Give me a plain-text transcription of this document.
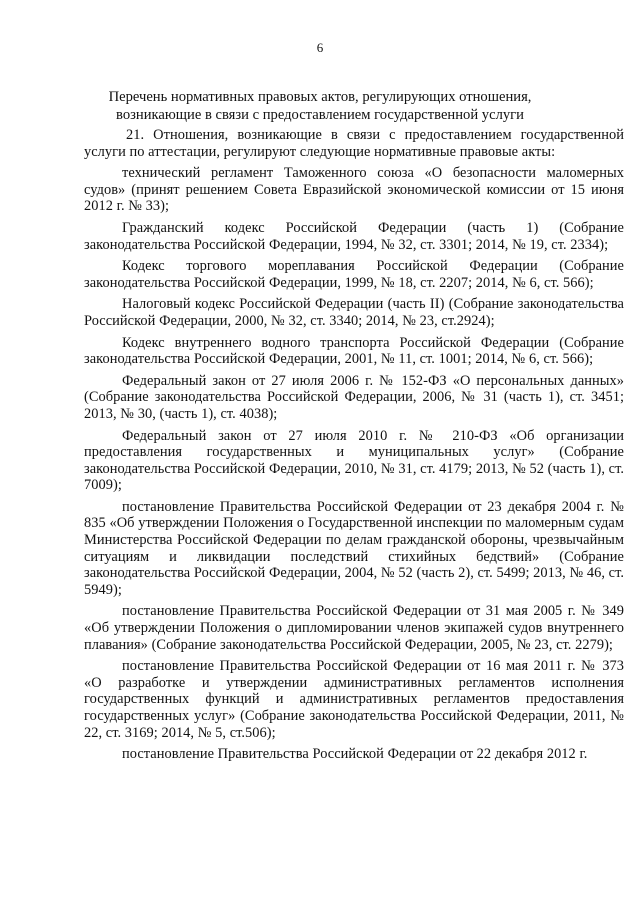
6
Перечень нормативных правовых актов, регулирующих отношения, возникающие в связи с предоставлением государственной услуги

21. Отношения, возникающие в связи с предоставлением государственной услуги по аттестации, регулируют следующие нормативные правовые акты:

технический регламент Таможенного союза «О безопасности маломерных судов» (принят решением Совета Евразийской экономической комиссии от 15 июня 2012 г. № 33);

Гражданский кодекс Российской Федерации (часть 1) (Собрание законодательства Российской Федерации, 1994, № 32, ст. 3301; 2014, № 19, ст. 2334);

Кодекс торгового мореплавания Российской Федерации (Собрание законодательства Российской Федерации, 1999, № 18, ст. 2207; 2014, № 6, ст. 566);

Налоговый кодекс Российской Федерации (часть II) (Собрание законодательства Российской Федерации, 2000, № 32, ст. 3340; 2014, № 23, ст.2924);

Кодекс внутреннего водного транспорта Российской Федерации (Собрание законодательства Российской Федерации, 2001, № 11, ст. 1001; 2014, № 6, ст. 566);

Федеральный закон от 27 июля 2006 г. № 152-ФЗ «О персональных данных» (Собрание законодательства Российской Федерации, 2006, № 31 (часть 1), ст. 3451; 2013, № 30, (часть 1), ст. 4038);

Федеральный закон от 27 июля 2010 г. № 210-ФЗ «Об организации предоставления государственных и муниципальных услуг» (Собрание законодательства Российской Федерации, 2010, № 31, ст. 4179; 2013, № 52 (часть 1), ст. 7009);

постановление Правительства Российской Федерации от 23 декабря 2004 г. № 835 «Об утверждении Положения о Государственной инспекции по маломерным судам Министерства Российской Федерации по делам гражданской обороны, чрезвычайным ситуациям и ликвидации последствий стихийных бедствий» (Собрание законодательства Российской Федерации, 2004, № 52 (часть 2), ст. 5499; 2013, № 46, ст. 5949);

постановление Правительства Российской Федерации от 31 мая 2005 г. № 349 «Об утверждении Положения о дипломировании членов экипажей судов внутреннего плавания» (Собрание законодательства Российской Федерации, 2005, № 23, ст. 2279);

постановление Правительства Российской Федерации от 16 мая 2011 г. № 373 «О разработке и утверждении административных регламентов исполнения государственных функций и административных регламентов предоставления государственных услуг» (Собрание законодательства Российской Федерации, 2011, № 22, ст. 3169; 2014, № 5, ст.506);

постановление Правительства Российской Федерации от 22 декабря 2012 г.
